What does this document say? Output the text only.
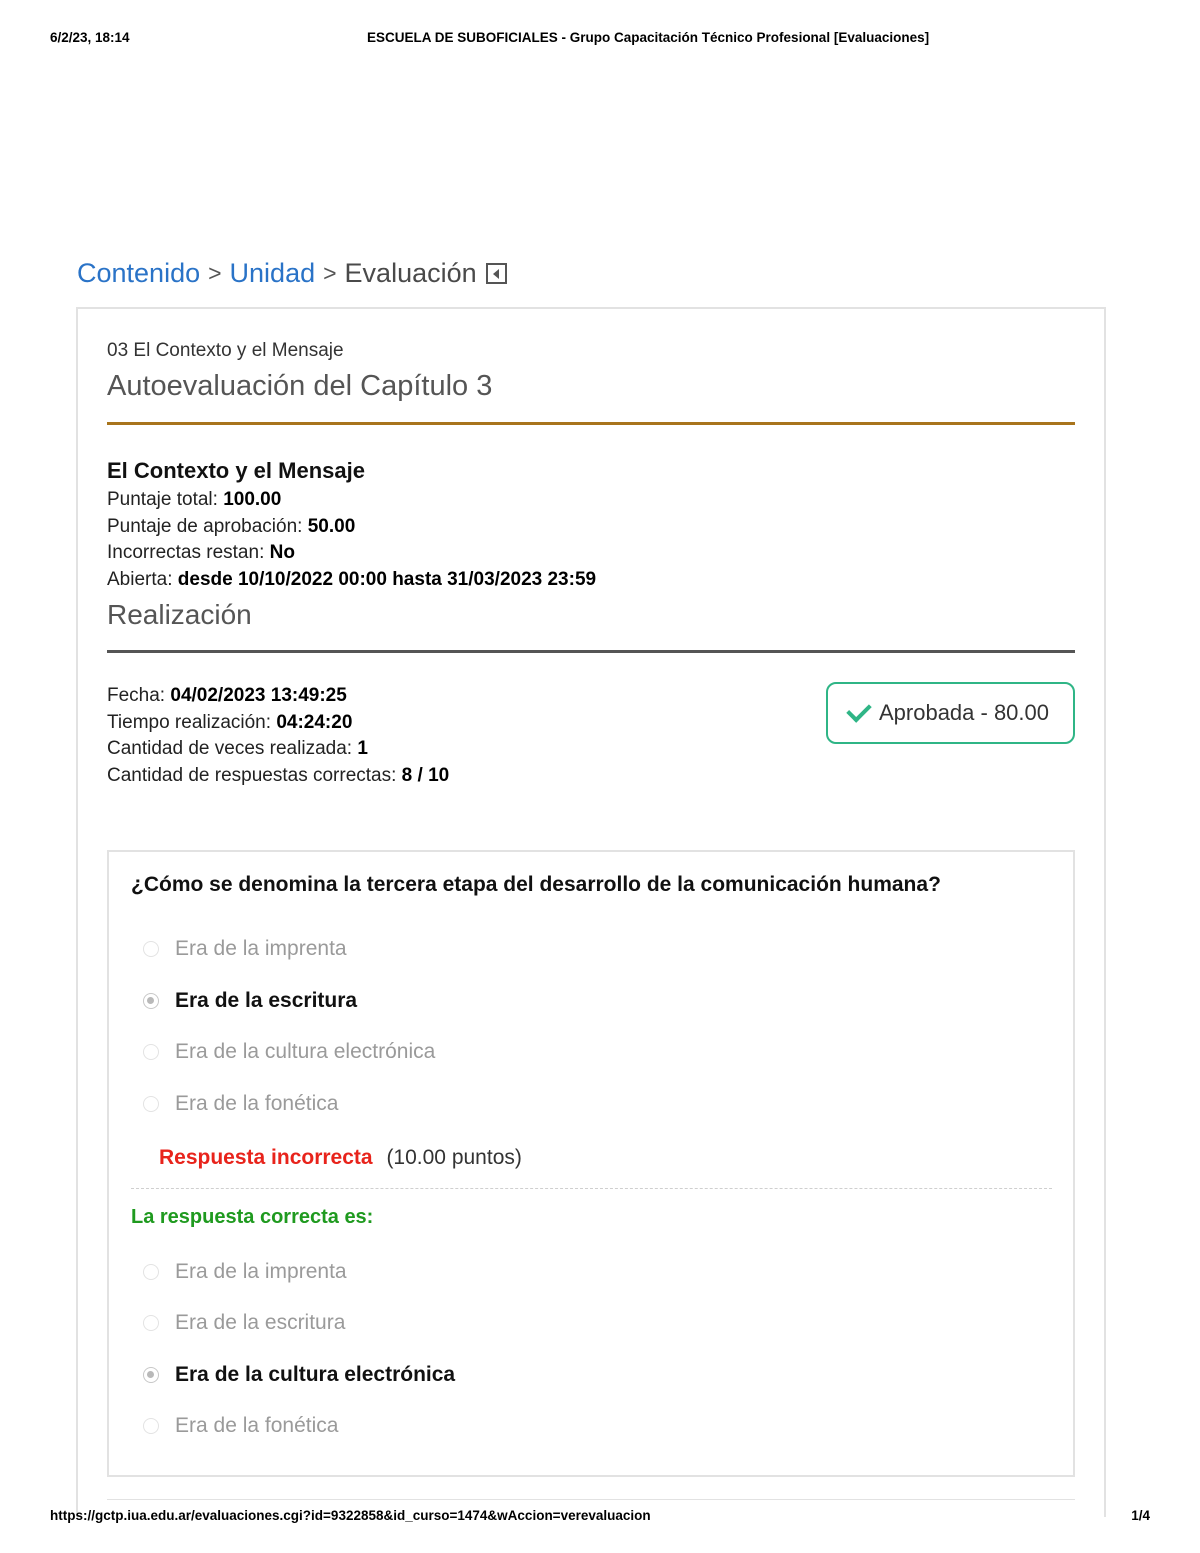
6/2/23, 18:14	ESCUELA DE SUBOFICIALES - Grupo Capacitación Técnico Profesional [Evaluaciones]
Contenido > Unidad > Evaluación
03 El Contexto y el Mensaje
Autoevaluación del Capítulo 3
El Contexto y el Mensaje
Puntaje total: 100.00
Puntaje de aprobación: 50.00
Incorrectas restan: No
Abierta: desde 10/10/2022 00:00 hasta 31/03/2023 23:59
Realización
Fecha: 04/02/2023 13:49:25
Tiempo realización: 04:24:20
Cantidad de veces realizada: 1
Cantidad de respuestas correctas: 8 / 10
Aprobada - 80.00
¿Cómo se denomina la tercera etapa del desarrollo de la comunicación humana?
Era de la imprenta
Era de la escritura
Era de la cultura electrónica
Era de la fonética
Respuesta incorrecta (10.00 puntos)
La respuesta correcta es:
Era de la imprenta
Era de la escritura
Era de la cultura electrónica
Era de la fonética
https://gctp.iua.edu.ar/evaluaciones.cgi?id=9322858&id_curso=1474&wAccion=verevaluacion	1/4
